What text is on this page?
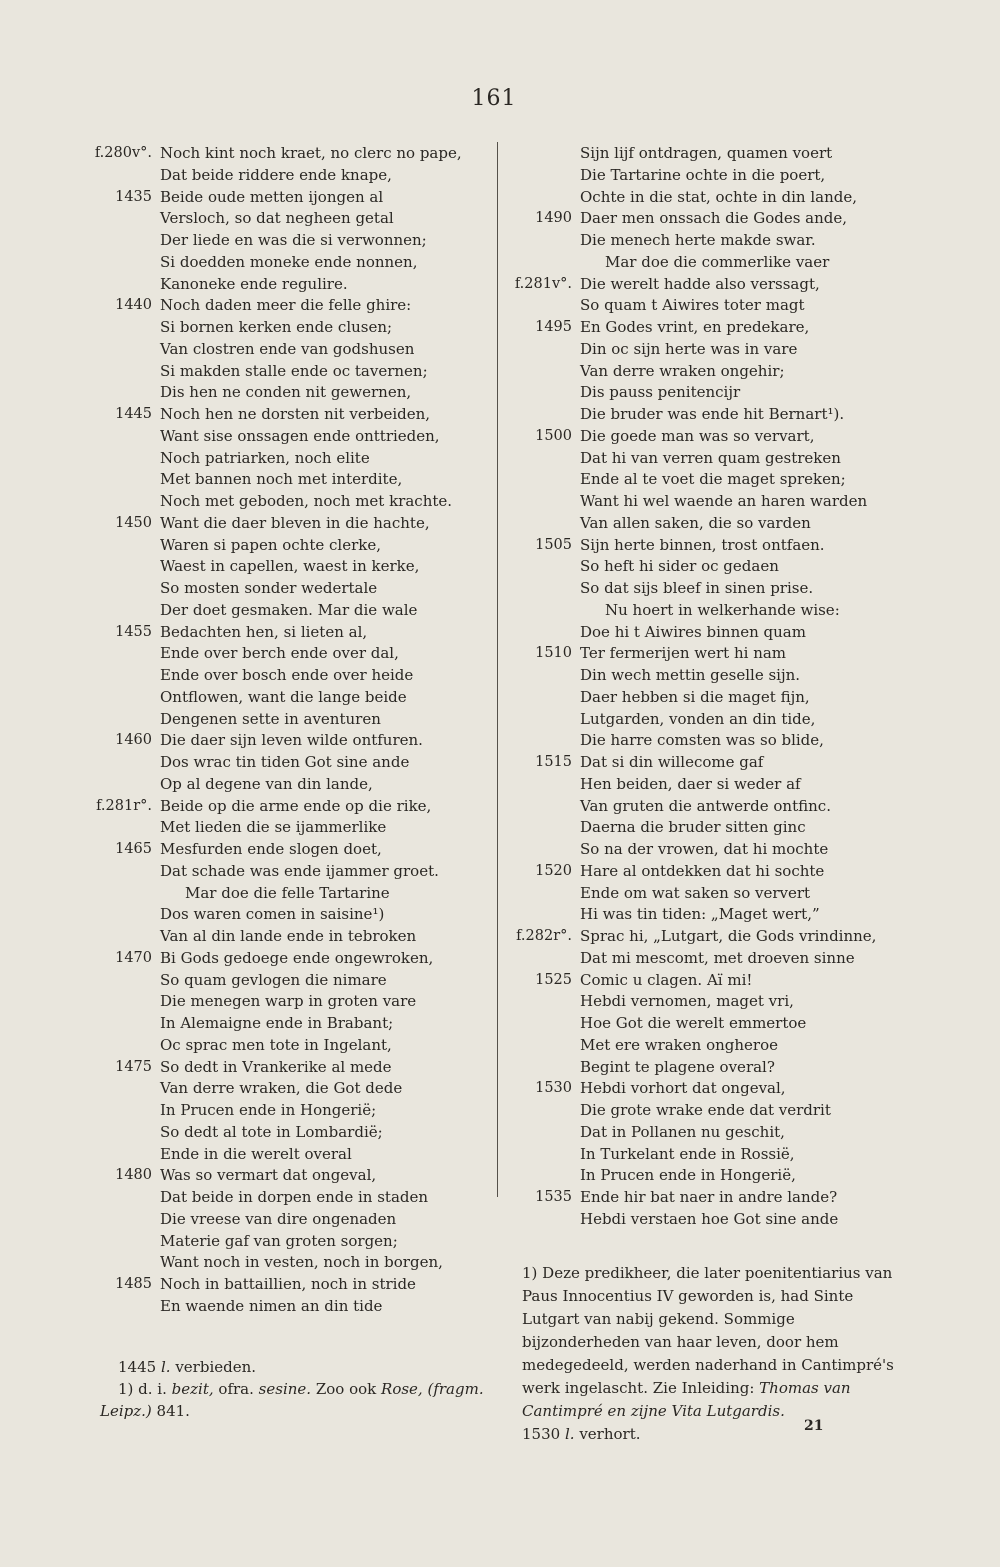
161
f.280v°. Noch kint noch kraet, no clerc no pape,
Dat beide riddere ende knape,
1435 Beide oude metten ijongen al
Versloch, so dat negheen getal
Der liede en was die si verwonnen;
Si doedden moneke ende nonnen,
Kanoneke ende regulire.
1440 Noch daden meer die felle ghire:
Si bornen kerken ende clusen;
Van clostren ende van godshusen
Si makden stalle ende oc tavernen;
Dis hen ne conden nit gewernen,
1445 Noch hen ne dorsten nit verbeiden,
Want sise onssagen ende onttrieden,
Noch patriarken, noch elite
Met bannen noch met interdite,
Noch met geboden, noch met krachte.
1450 Want die daer bleven in die hachte,
Waren si papen ochte clerke,
Waest in capellen, waest in kerke,
So mosten sonder wedertale
Der doet gesmaken. Mar die wale
1455 Bedachten hen, si lieten al,
Ende over berch ende over dal,
Ende over bosch ende over heide
Ontflowen, want die lange beide
Dengenen sette in aventuren
1460 Die daer sijn leven wilde ontfuren.
Dos wrac tin tiden Got sine ande
Op al degene van din lande,
f.281r°. Beide op die arme ende op die rike,
Met lieden die se ijammerlike
1465 Mesfurden ende slogen doet,
Dat schade was ende ijammer groet.
Mar doe die felle Tartarine
Dos waren comen in saisine¹)
Van al din lande ende in tebroken
1470 Bi Gods gedoege ende ongewroken,
So quam gevlogen die nimare
Die menegen warp in groten vare
In Alemaigne ende in Brabant;
Oc sprac men tote in Ingelant,
1475 So dedt in Vrankerike al mede
Van derre wraken, die Got dede
In Prucen ende in Hongerië;
So dedt al tote in Lombardië;
Ende in die werelt overal
1480 Was so vermart dat ongeval,
Dat beide in dorpen ende in staden
Die vreese van dire ongenaden
Materie gaf van groten sorgen;
Want noch in vesten, noch in borgen,
1485 Noch in battaillien, noch in stride
En waende nimen an din tide
Sijn lijf ontdragen, quamen voert
Die Tartarine ochte in die poert,
Ochte in die stat, ochte in din lande,
1490 Daer men onssach die Godes ande,
Die menech herte makde swar.
Mar doe die commerlike vaer
f.281v°. Die werelt hadde also verssagt,
So quam t Aiwires toter magt
1495 En Godes vrint, en predekare,
Din oc sijn herte was in vare
Van derre wraken ongehir;
Dis pauss penitencijr
Die bruder was ende hit Bernart¹).
1500 Die goede man was so vervart,
Dat hi van verren quam gestreken
Ende al te voet die maget spreken;
Want hi wel waende an haren warden
Van allen saken, die so varden
1505 Sijn herte binnen, trost ontfaen.
So heft hi sider oc gedaen
So dat sijs bleef in sinen prise.
Nu hoert in welkerhande wise:
Doe hi t Aiwires binnen quam
1510 Ter fermerijen wert hi nam
Din wech mettin geselle sijn.
Daer hebben si die maget fijn,
Lutgarden, vonden an din tide,
Die harre comsten was so blide,
1515 Dat si din willecome gaf
Hen beiden, daer si weder af
Van gruten die antwerde ontfinc.
Daerna die bruder sitten ginc
So na der vrowen, dat hi mochte
1520 Hare al ontdekken dat hi sochte
Ende om wat saken so ververt
Hi was tin tiden: „Maget wert,”
f.282r°. Sprac hi, „Lutgart, die Gods vrindinne,
Dat mi mescomt, met droeven sinne
1525 Comic u clagen. Aï mi!
Hebdi vernomen, maget vri,
Hoe Got die werelt emmertoe
Met ere wraken ongheroe
Begint te plagene overal?
1530 Hebdi vorhort dat ongeval,
Die grote wrake ende dat verdrit
Dat in Pollanen nu geschit,
In Turkelant ende in Rossië,
In Prucen ende in Hongerië,
1535 Ende hir bat naer in andre lande?
Hebdi verstaen hoe Got sine ande
1445 l. verbieden.
1) d. i. bezit, ofra. sesine. Zoo ook Rose, (fragm.
Leipz.) 841.

1) Deze predikheer, die later poenitentiarius van Paus Innocentius IV geworden is, had Sinte Lutgart van nabij gekend. Sommige bijzonderheden van haar leven, door hem medegedeeld, werden naderhand in Cantimpré's werk ingelascht. Zie Inleiding: Thomas van Cantimpré en zijne Vita Lutgardis.

1530 l. verhort.	21
